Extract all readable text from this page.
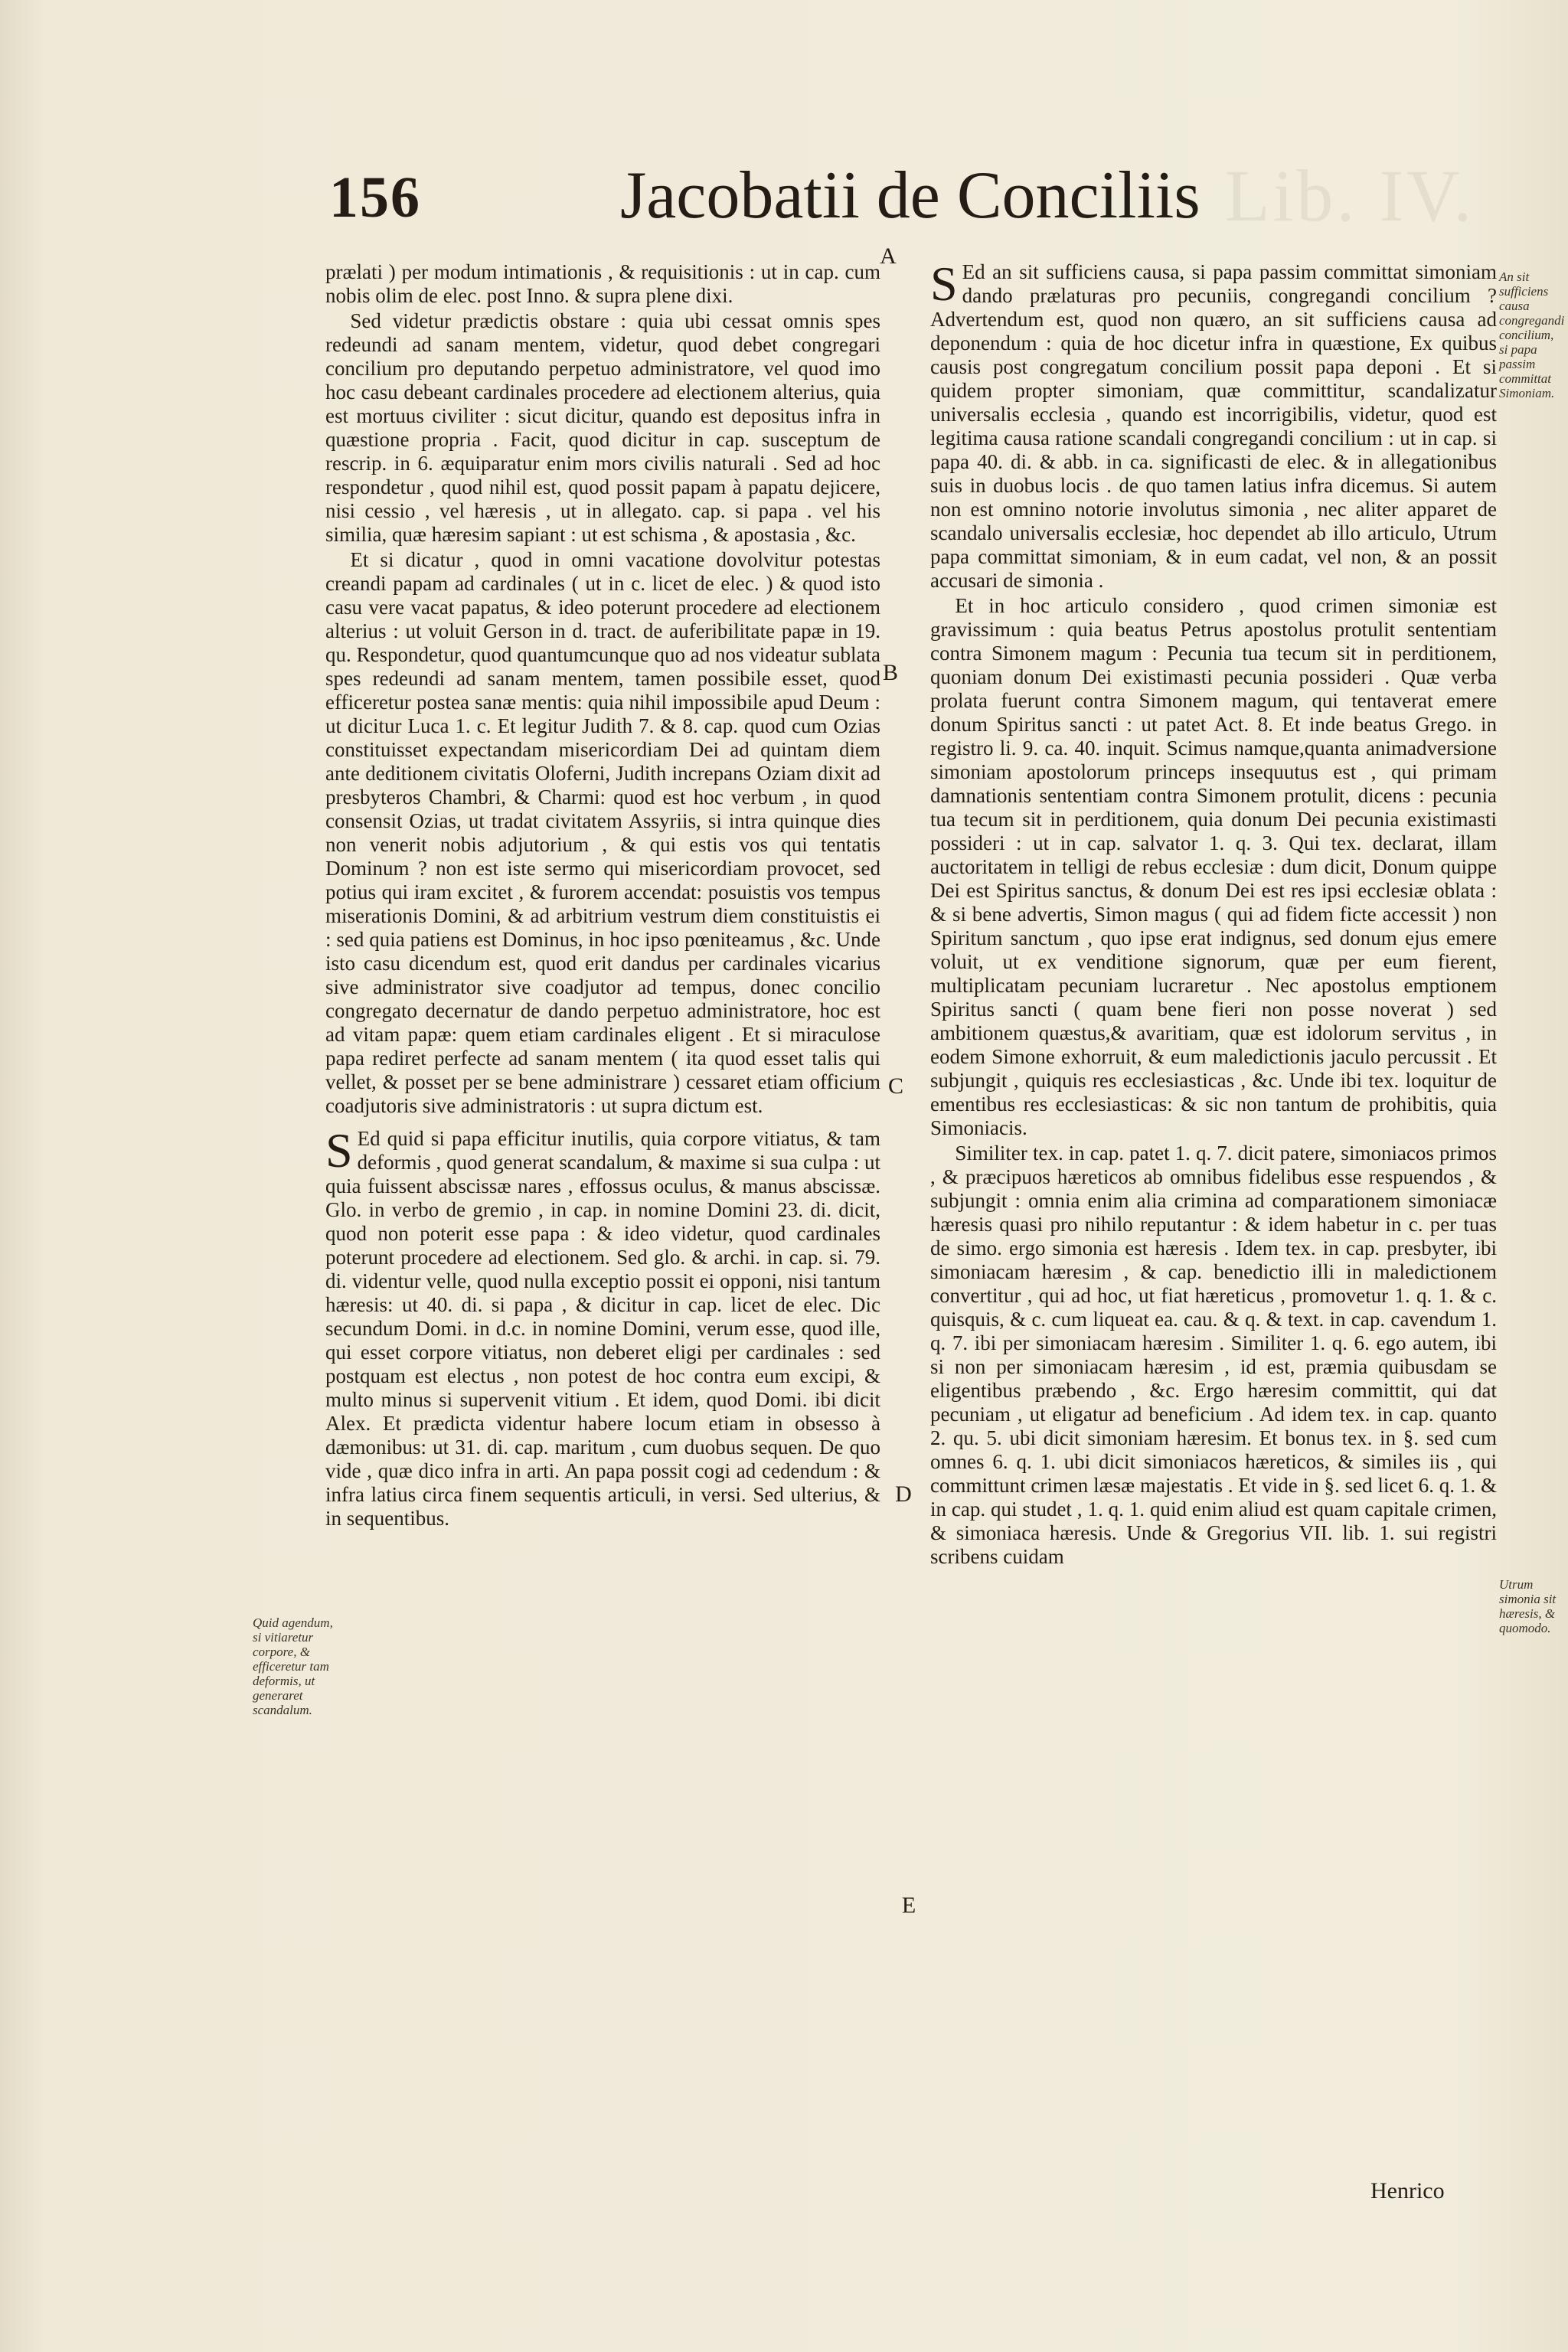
Lib. IV.
156	Jacobatii de Conciliis

prælati ) per modum intimationis , & requisitionis : ut in cap. cum nobis olim de elec. post Inno. & supra plene dixi.

Sed videtur prædictis obstare : quia ubi cessat omnis spes redeundi ad sanam mentem, videtur, quod debet congregari concilium pro deputando perpetuo administratore, vel quod imo hoc casu debeant cardinales procedere ad electionem alterius, quia est mortuus civiliter : sicut dicitur, quando est depositus infra in quæstione propria . Facit, quod dicitur in cap. susceptum de rescrip. in 6. æquiparatur enim mors civilis naturali . Sed ad hoc respondetur , quod nihil est, quod possit papam à papatu dejicere, nisi cessio , vel hæresis , ut in allegato. cap. si papa . vel his similia, quæ hæresim sapiant : ut est schisma , & apostasia , &c.

Et si dicatur , quod in omni vacatione dovolvitur potestas creandi papam ad cardinales ( ut in c. licet de elec. ) & quod isto casu vere vacat papatus, & ideo poterunt procedere ad electionem alterius : ut voluit Gerson in d. tract. de auferibilitate papæ in 19. qu. Respondetur, quod quantumcunque quo ad nos videatur sublata spes redeundi ad sanam mentem, tamen possibile esset, quod efficeretur postea sanæ mentis: quia nihil impossibile apud Deum : ut dicitur Luca 1. c. Et legitur Judith 7. & 8. cap. quod cum Ozias constituisset expectandam misericordiam Dei ad quintam diem ante deditionem civitatis Oloferni, Judith increpans Oziam dixit ad presbyteros Chambri, & Charmi: quod est hoc verbum , in quod consensit Ozias, ut tradat civitatem Assyriis, si intra quinque dies non venerit nobis adjutorium , & qui estis vos qui tentatis Dominum ? non est iste sermo qui misericordiam provocet, sed potius qui iram excitet , & furorem accendat: posuistis vos tempus miserationis Domini, & ad arbitrium vestrum diem constituistis ei : sed quia patiens est Dominus, in hoc ipso pœniteamus , &c. Unde isto casu dicendum est, quod erit dandus per cardinales vicarius sive administrator sive coadjutor ad tempus, donec concilio congregato decernatur de dando perpetuo administratore, hoc est ad vitam papæ: quem etiam cardinales eligent . Et si miraculose papa rediret perfecte ad sanam mentem ( ita quod esset talis qui vellet, & posset per se bene administrare ) cessaret etiam officium coadjutoris sive administratoris : ut supra dictum est.

S Ed quid si papa efficitur inutilis, quia corpore vitiatus, & tam deformis , quod generat scandalum, & maxime si sua culpa : ut quia fuissent abscissæ nares , effossus oculus, & manus abscissæ. Glo. in verbo de gremio , in cap. in nomine Domini 23. di. dicit, quod non poterit esse papa : & ideo videtur, quod cardinales poterunt procedere ad electionem. Sed glo. & archi. in cap. si. 79. di. videntur velle, quod nulla exceptio possit ei opponi, nisi tantum hæresis: ut 40. di. si papa , & dicitur in cap. licet de elec. Dic secundum Domi. in d.c. in nomine Domini, verum esse, quod ille, qui esset corpore vitiatus, non deberet eligi per cardinales : sed postquam est electus , non potest de hoc contra eum excipi, & multo minus si supervenit vitium . Et idem, quod Domi. ibi dicit Alex. Et prædicta videntur habere locum etiam in obsesso à dæmonibus: ut 31. di. cap. maritum , cum duobus sequen. De quo vide , quæ dico infra in arti. An papa possit cogi ad cedendum : & infra latius circa finem sequentis articuli, in versi. Sed ulterius, & in sequentibus.

S Ed an sit sufficiens causa, si papa passim committat simoniam dando prælaturas pro pecuniis, congregandi concilium ? Advertendum est, quod non quæro, an sit sufficiens causa ad deponendum : quia de hoc dicetur infra in quæstione, Ex quibus causis post congregatum concilium possit papa deponi . Et si quidem propter simoniam, quæ committitur, scandalizatur universalis ecclesia , quando est incorrigibilis, videtur, quod est legitima causa ratione scandali congregandi concilium : ut in cap. si papa 40. di. & abb. in ca. significasti de elec. & in allegationibus suis in duobus locis . de quo tamen latius infra dicemus. Si autem non est omnino notorie involutus simonia , nec aliter apparet de scandalo universalis ecclesiæ, hoc dependet ab illo articulo, Utrum papa committat simoniam, & in eum cadat, vel non, & an possit accusari de simonia .

Et in hoc articulo considero , quod crimen simoniæ est gravissimum : quia beatus Petrus apostolus protulit sententiam contra Simonem magum : Pecunia tua tecum sit in perditionem, quoniam donum Dei existimasti pecunia possideri . Quæ verba prolata fuerunt contra Simonem magum, qui tentaverat emere donum Spiritus sancti : ut patet Act. 8. Et inde beatus Grego. in registro li. 9. ca. 40. inquit. Scimus namque,quanta animadversione simoniam apostolorum princeps insequutus est , qui primam damnationis sententiam contra Simonem protulit, dicens : pecunia tua tecum sit in perditionem, quia donum Dei pecunia existimasti possideri : ut in cap. salvator 1. q. 3. Qui tex. declarat, illam auctoritatem in telligi de rebus ecclesiæ : dum dicit, Donum quippe Dei est Spiritus sanctus, & donum Dei est res ipsi ecclesiæ oblata : & si bene advertis, Simon magus ( qui ad fidem ficte accessit ) non Spiritum sanctum , quo ipse erat indignus, sed donum ejus emere voluit, ut ex venditione signorum, quæ per eum fierent, multiplicatam pecuniam lucraretur . Nec apostolus emptionem Spiritus sancti ( quam bene fieri non posse noverat ) sed ambitionem quæstus,& avaritiam, quæ est idolorum servitus , in eodem Simone exhorruit, & eum maledictionis jaculo percussit . Et subjungit , quiquis res ecclesiasticas , &c. Unde ibi tex. loquitur de ementibus res ecclesiasticas: & sic non tantum de prohibitis, quia Simoniacis.

Similiter tex. in cap. patet 1. q. 7. dicit patere, simoniacos primos , & præcipuos hæreticos ab omnibus fidelibus esse respuendos , & subjungit : omnia enim alia crimina ad comparationem simoniacæ hæresis quasi pro nihilo reputantur : & idem habetur in c. per tuas de simo. ergo simonia est hæresis . Idem tex. in cap. presbyter, ibi simoniacam hæresim , & cap. benedictio illi in maledictionem convertitur , qui ad hoc, ut fiat hæreticus , promovetur 1. q. 1. & c. quisquis, & c. cum liqueat ea. cau. & q. & text. in cap. cavendum 1. q. 7. ibi per simoniacam hæresim . Similiter 1. q. 6. ego autem, ibi si non per simoniacam hæresim , id est, præmia quibusdam se eligentibus præbendo , &c. Ergo hæresim committit, qui dat pecuniam , ut eligatur ad beneficium . Ad idem tex. in cap. quanto 2. qu. 5. ubi dicit simoniam hæresim. Et bonus tex. in §. sed cum omnes 6. q. 1. ubi dicit simoniacos hæreticos, & similes iis , qui committunt crimen læsæ majestatis . Et vide in §. sed licet 6. q. 1. & in cap. qui studet , 1. q. 1. quid enim aliud est quam capitale crimen, & simoniaca hæresis. Unde & Gregorius VII. lib. 1. sui registri scribens cuidam

A
B
C
D
E
Quid agendum, si vitiaretur corpore, & efficeretur tam deformis, ut generaret scandalum.
An sit sufficiens causa congregandi concilium, si papa passim committat Simoniam.
Utrum simonia sit hæresis, & quomodo.
Henrico
